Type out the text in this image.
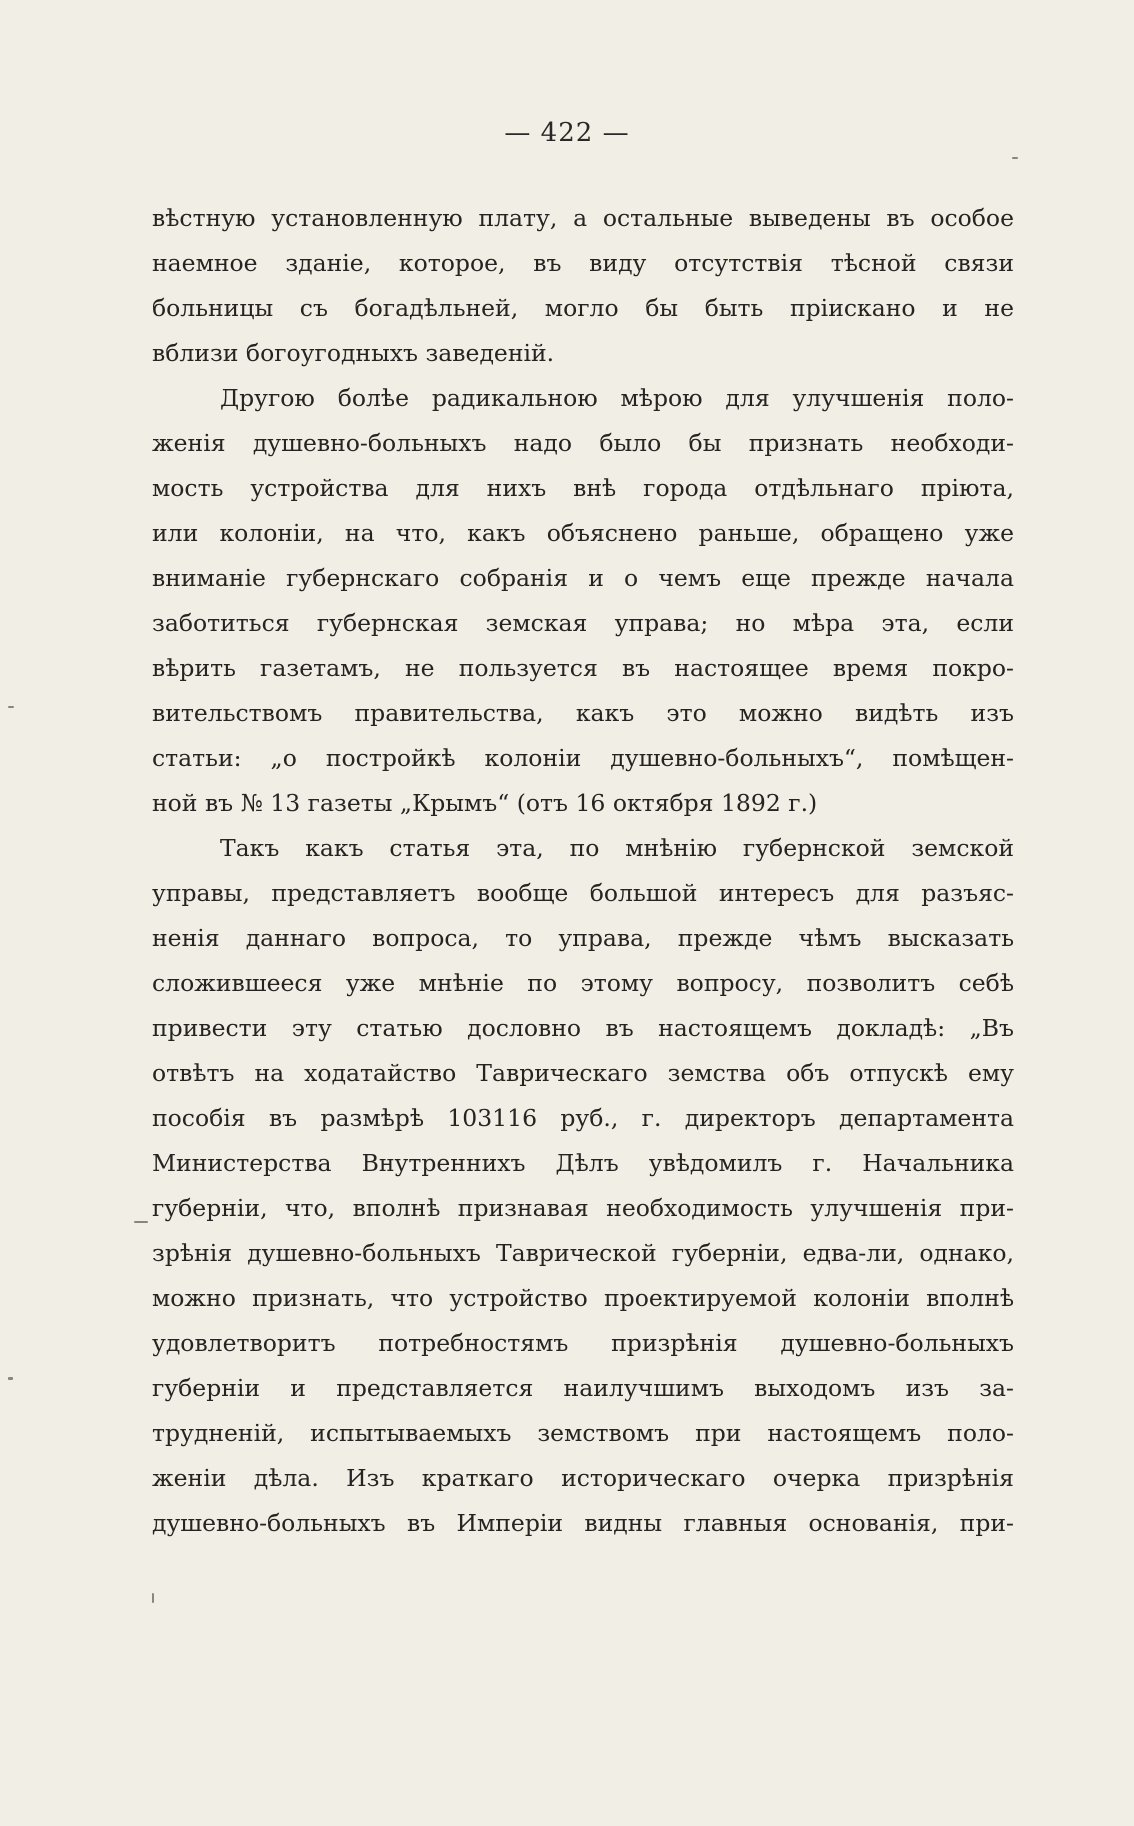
— 422 —
вѣстную установленную плату, а остальные выведены въ особое
наемное зданіе, которое, въ виду отсутствія тѣсной связи
больницы съ богадѣльней, могло бы быть пріискано и не
вблизи богоугодныхъ заведеній.
Другою болѣе радикальною мѣрою для улучшенія поло-
женія душевно-больныхъ надо было бы признать необходи-
мость устройства для нихъ внѣ города отдѣльнаго пріюта,
или колоніи, на что, какъ объяснено раньше, обращено уже
вниманіе губернскаго собранія и о чемъ еще прежде начала
заботиться губернская земская управа; но мѣра эта, если
вѣрить газетамъ, не пользуется въ настоящее время покро-
вительствомъ правительства, какъ это можно видѣть изъ
статьи: „о постройкѣ колоніи душевно-больныхъ“, помѣщен-
ной въ № 13 газеты „Крымъ“ (отъ 16 октября 1892 г.)
Такъ какъ статья эта, по мнѣнію губернской земской
управы, представляетъ вообще большой интересъ для разъяс-
ненія даннаго вопроса, то управа, прежде чѣмъ высказать
сложившееся уже мнѣніе по этому вопросу, позволитъ себѣ
привести эту статью дословно въ настоящемъ докладѣ: „Въ
отвѣтъ на ходатайство Таврическаго земства объ отпускѣ ему
пособія въ размѣрѣ 103116 руб., г. директоръ департамента
Министерства Внутреннихъ Дѣлъ увѣдомилъ г. Начальника
губерніи, что, вполнѣ признавая необходимость улучшенія при-
зрѣнія душевно-больныхъ Таврической губерніи, едва-ли, однако,
можно признать, что устройство проектируемой колоніи вполнѣ
удовлетворитъ потребностямъ призрѣнія душевно-больныхъ
губерніи и представляется наилучшимъ выходомъ изъ за-
трудненій, испытываемыхъ земствомъ при настоящемъ поло-
женіи дѣла. Изъ краткаго историческаго очерка призрѣнія
душевно-больныхъ въ Имперіи видны главныя основанія, при-
